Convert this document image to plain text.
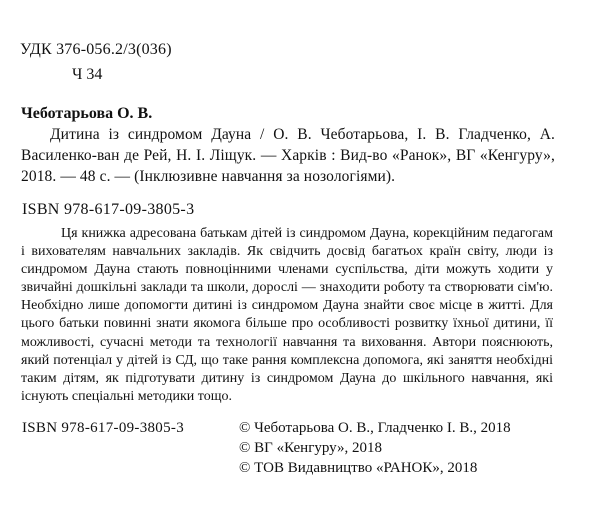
УДК 376-056.2/3(036)
Ч 34
Чеботарьова О. В.
Дитина із синдромом Дауна / О. В. Чеботарьова, І. В. Гладченко, А. Василенко-ван де Рей, Н. І. Ліщук. — Харків : Вид-во «Ранок», ВГ «Кенгуру», 2018. — 48 с. — (Інклюзивне навчання за нозологіями).
ISBN 978-617-09-3805-3
Ця книжка адресована батькам дітей із синдромом Дауна, корекційним педагогам і вихователям навчальних закладів. Як свідчить досвід багатьох країн світу, люди із синдромом Дауна стають повноцінними членами суспільства, діти можуть ходити у звичайні дошкільні заклади та школи, дорослі — знаходити роботу та створювати сім'ю. Необхідно лише допомогти дитині із синдромом Дауна знайти своє місце в житті. Для цього батьки повинні знати якомога більше про особливості розвитку їхньої дитини, її можливості, сучасні методи та технології навчання та виховання. Автори пояснюють, який потенціал у дітей із СД, що таке рання комплексна допомога, які заняття необхідні таким дітям, як підготувати дитину із синдромом Дауна до шкільного навчання, які існують спеціальні методики тощо.
ISBN 978-617-09-3805-3	© Чеботарьова О. В., Гладченко І. В., 2018
© ВГ «Кенгуру», 2018
© ТОВ Видавництво «РАНОК», 2018
